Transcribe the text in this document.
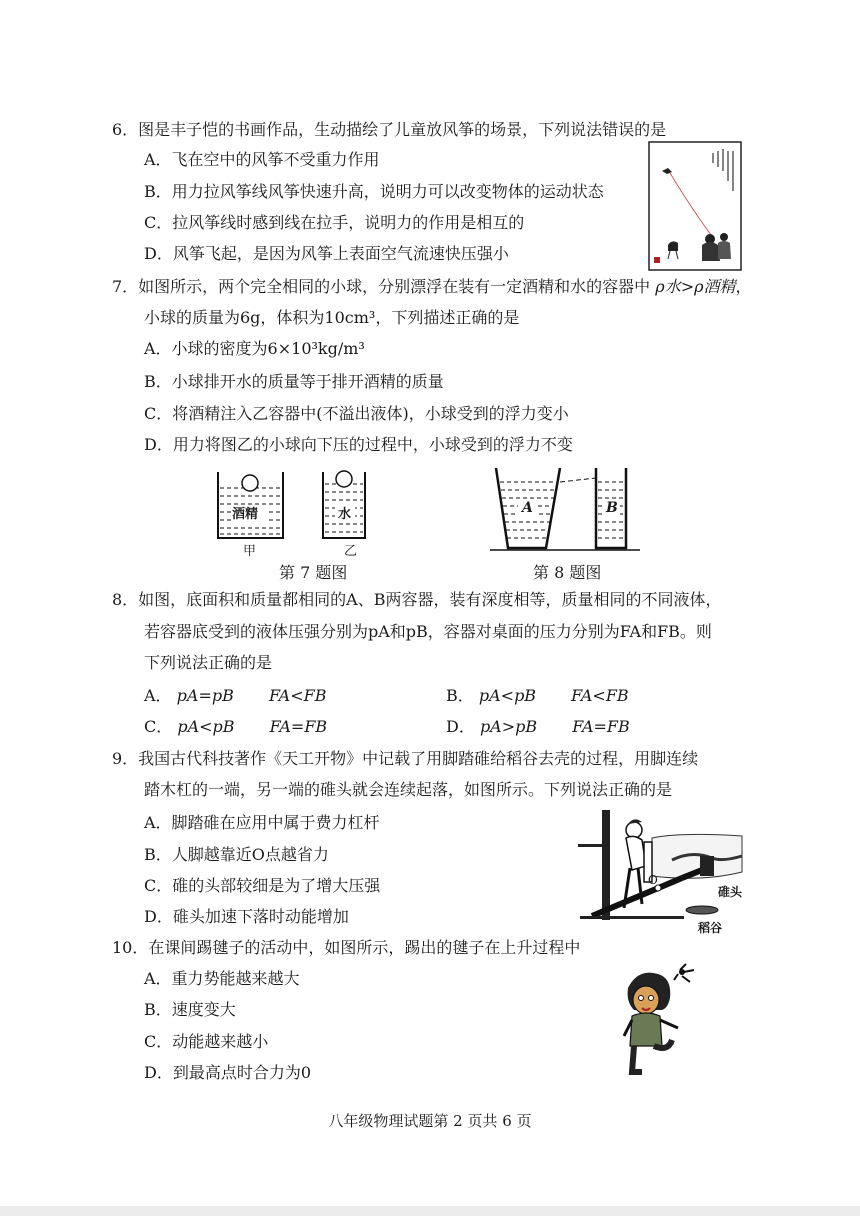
6．图是丰子恺的书画作品，生动描绘了儿童放风筝的场景，下列说法错误的是
A．飞在空中的风筝不受重力作用
B．用力拉风筝线风筝快速升高，说明力可以改变物体的运动状态
C．拉风筝线时感到线在拉手，说明力的作用是相互的
D．风筝飞起，是因为风筝上表面空气流速快压强小
7．如图所示，两个完全相同的小球，分别漂浮在装有一定酒精和水的容器中 ρ水>ρ酒精，
小球的质量为6g，体积为10cm³，下列描述正确的是
A．小球的密度为6×10³kg/m³
B．小球排开水的质量等于排开酒精的质量
C．将酒精注入乙容器中(不溢出液体)，小球受到的浮力变小
D．用力将图乙的小球向下压的过程中，小球受到的浮力不变
酒精	水
甲	乙
第 7 题图
A	B
第 8 题图
8．如图，底面积和质量都相同的A、B两容器，装有深度相等，质量相同的不同液体，
若容器底受到的液体压强分别为pA和pB，容器对桌面的压力分别为FA和FB。则
下列说法正确的是
A． pA=pB FA<FB	B． pA<pB FA<FB
C． pA<pB FA=FB	D． pA>pB FA=FB
9．我国古代科技著作《天工开物》中记载了用脚踏碓给稻谷去壳的过程，用脚连续
踏木杠的一端，另一端的碓头就会连续起落，如图所示。下列说法正确的是
A．脚踏碓在应用中属于费力杠杆
B．人脚越靠近O点越省力
C．碓的头部较细是为了增大压强
D．碓头加速下落时动能增加
O
碓头
稻谷
10．在课间踢毽子的活动中，如图所示，踢出的毽子在上升过程中
A．重力势能越来越大
B．速度变大
C．动能越来越小
D．到最高点时合力为0
八年级物理试题第 2 页共 6 页
